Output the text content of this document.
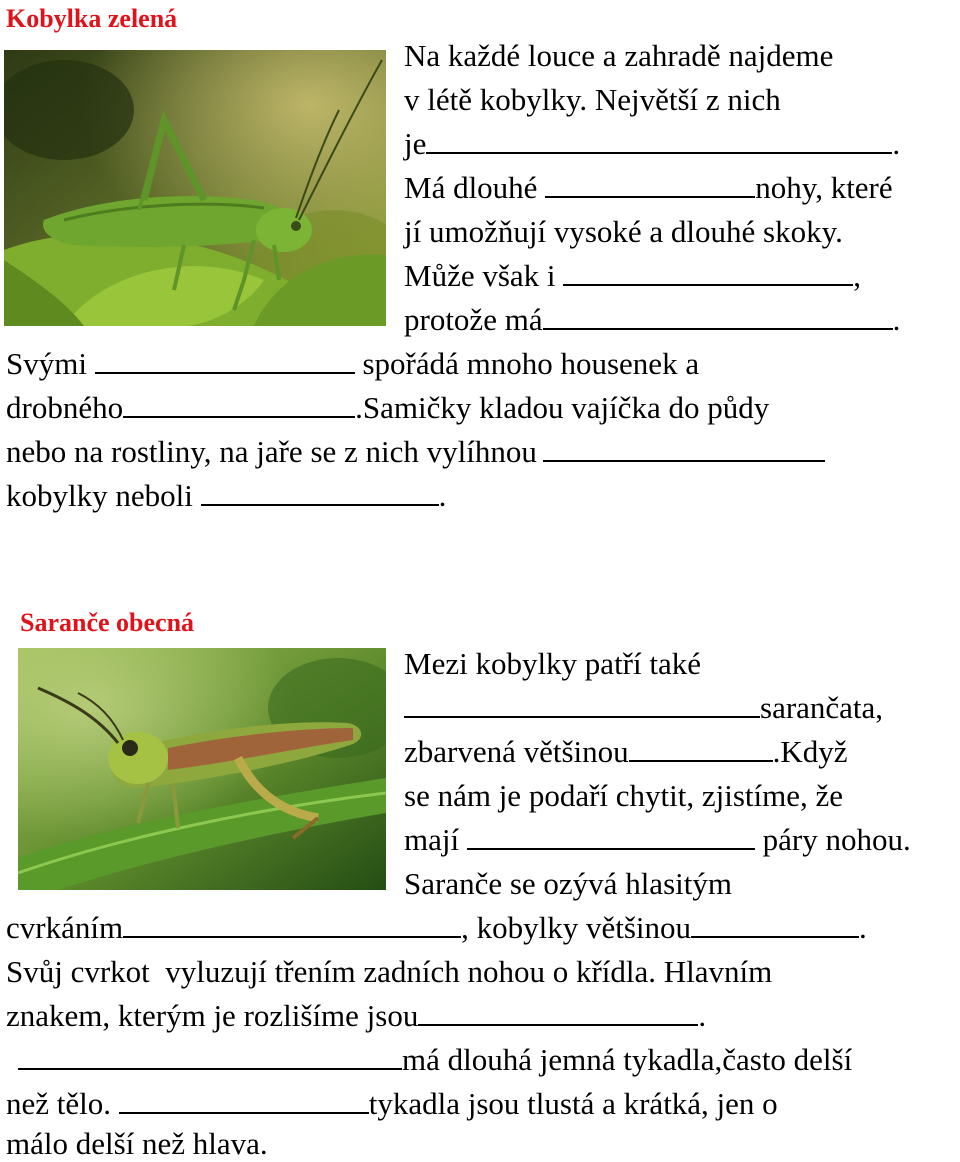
Kobylka zelená
Na každé louce a zahradě najdeme
v létě kobylky. Největší z nich
je	.
Má dlouhé	nohy, které
jí umožňují vysoké a dlouhé skoky.
Může však i	,
protože má	.
Svými	spořádá mnoho housenek a
drobného	.Samičky kladou vajíčka do půdy
nebo na rostliny, na jaře se z nich vylíhnou
kobylky neboli	.
Saranče obecná
Mezi kobylky patří také
sarančata,
zbarvená většinou	.Když
se nám je podaří chytit, zjistíme, že
mají	páry nohou.
Saranče se ozývá hlasitým
cvrkáním	, kobylky většinou	.
Svůj cvrkot  vyluzují třením zadních nohou o křídla. Hlavním
znakem, kterým je rozlišíme jsou	.
má dlouhá jemná tykadla,často delší
než tělo.	tykadla jsou tlustá a krátká, jen o
málo delší než hlava.
